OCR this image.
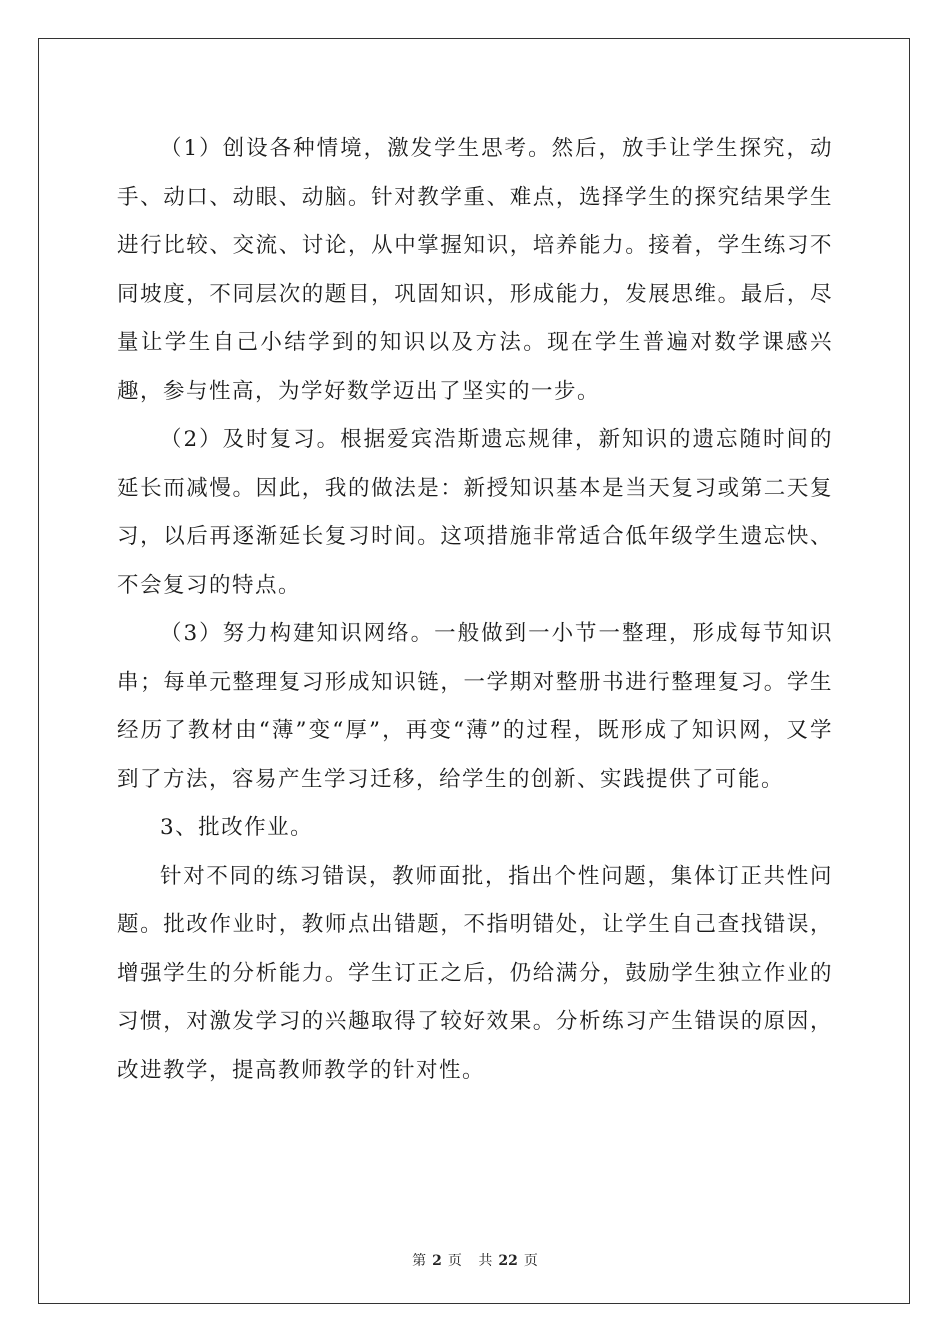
（1）创设各种情境，激发学生思考。然后，放手让学生探究，动手、动口、动眼、动脑。针对教学重、难点，选择学生的探究结果学生进行比较、交流、讨论，从中掌握知识，培养能力。接着，学生练习不同坡度，不同层次的题目，巩固知识，形成能力，发展思维。最后，尽量让学生自己小结学到的知识以及方法。现在学生普遍对数学课感兴趣，参与性高，为学好数学迈出了坚实的一步。

（2）及时复习。根据爱宾浩斯遗忘规律，新知识的遗忘随时间的延长而减慢。因此，我的做法是：新授知识基本是当天复习或第二天复习，以后再逐渐延长复习时间。这项措施非常适合低年级学生遗忘快、不会复习的特点。

（3）努力构建知识网络。一般做到一小节一整理，形成每节知识串；每单元整理复习形成知识链，一学期对整册书进行整理复习。学生经历了教材由“薄”变“厚”，再变“薄”的过程，既形成了知识网，又学到了方法，容易产生学习迁移，给学生的创新、实践提供了可能。

3、批改作业。

针对不同的练习错误，教师面批，指出个性问题，集体订正共性问题。批改作业时，教师点出错题，不指明错处，让学生自己查找错误，增强学生的分析能力。学生订正之后，仍给满分，鼓励学生独立作业的习惯，对激发学习的兴趣取得了较好效果。分析练习产生错误的原因，改进教学，提高教师教学的针对性。

第 2 页 共 22 页
